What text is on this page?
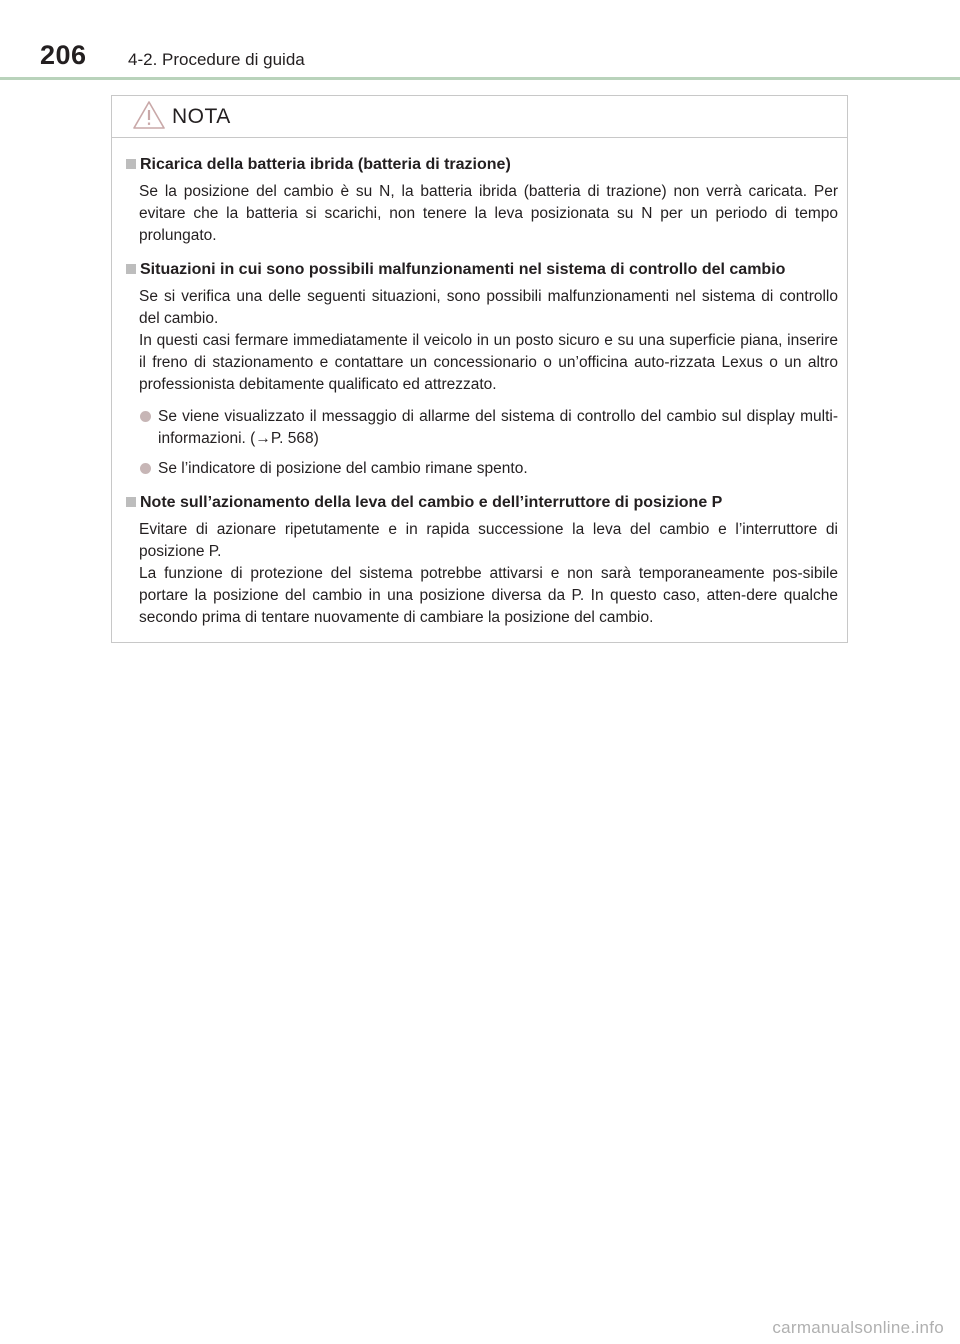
206 4-2. Procedure di guida
NOTA
Ricarica della batteria ibrida (batteria di trazione)
Se la posizione del cambio è su N, la batteria ibrida (batteria di trazione) non verrà caricata. Per evitare che la batteria si scarichi, non tenere la leva posizionata su N per un periodo di tempo prolungato.
Situazioni in cui sono possibili malfunzionamenti nel sistema di controllo del cambio
Se si verifica una delle seguenti situazioni, sono possibili malfunzionamenti nel sistema di controllo del cambio.
In questi casi fermare immediatamente il veicolo in un posto sicuro e su una superficie piana, inserire il freno di stazionamento e contattare un concessionario o un’officina auto-rizzata Lexus o un altro professionista debitamente qualificato ed attrezzato.
Se viene visualizzato il messaggio di allarme del sistema di controllo del cambio sul display multi-informazioni. (→P. 568)
Se l’indicatore di posizione del cambio rimane spento.
Note sull’azionamento della leva del cambio e dell’interruttore di posizione P
Evitare di azionare ripetutamente e in rapida successione la leva del cambio e l’interruttore di posizione P.
La funzione di protezione del sistema potrebbe attivarsi e non sarà temporaneamente pos-sibile portare la posizione del cambio in una posizione diversa da P. In questo caso, atten-dere qualche secondo prima di tentare nuovamente di cambiare la posizione del cambio.
carmanualsonline.info
